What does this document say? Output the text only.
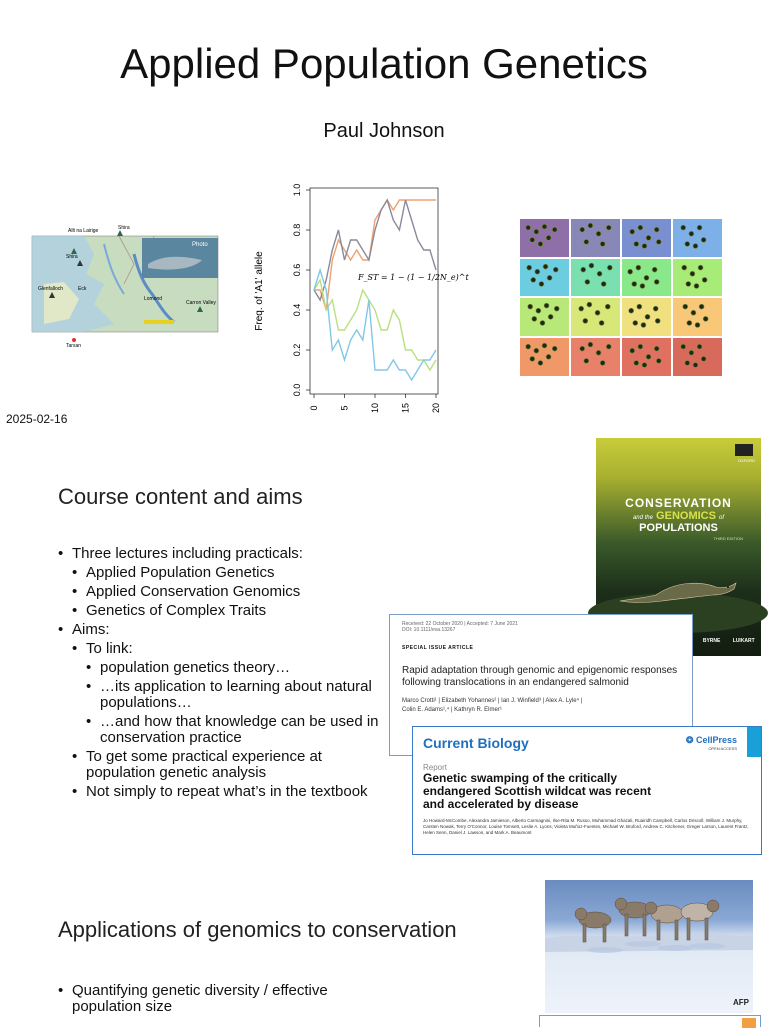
Applied Population Genetics
Paul Johnson
Photo
Allt na Lairige	Shira
Shira
Glenfalloch	Eck
Lomond
Carron Valley
Tarsan
0.0
0.2
0.4
0.6
0.8
1.0
0 5 10 15 20
F_ST = 1 − (1 − 1/2N_e)^t
Freq. of 'A1' allele
2025-02-16
Course content and aims
• Three lectures including practicals:
• Applied Population Genetics
• Applied Conservation Genomics
• Genetics of Complex Traits
• Aims:
• To link:
• population genetics theory…
• …its application to learning about natural populations…
• …and how that knowledge can be used in conservation practice
• To get some practical experience at population genetic analysis
• Not simply to repeat what’s in the textbook
OXFORD
CONSERVATION
and the GENOMICS of
POPULATIONS
THIRD EDITION
BYRNE LUIKART
Received: 22 October 2020 | Accepted: 7 June 2021
DOI: 10.1111/eva.13267
SPECIAL ISSUE ARTICLE
Rapid adaptation through genomic and epigenomic responses following translocations in an endangered salmonid
Marco Crotti¹ | Elizabeth Yohannes² | Ian J. Winfield³ | Alex A. Lyle⁴ |
Colin E. Adams¹,⁴ | Kathryn R. Elmer¹
Current Biology	❂ CellPress
OPEN ACCESS
Report
Genetic swamping of the critically endangered Scottish wildcat was recent and accelerated by disease
Jo Howard-McCombe, Alexandra Jamieson, Alberto Carmagnini, Ilse-Rita M. Russo, Muhammad Ghazali, Ruairidh Campbell, Carlos Driscoll, William J. Murphy, Carsten Nowak, Terry O'Connor, Louise Tomsett, Leslie A. Lyons, Violeta Muñoz-Fuentes, Michael W. Bruford, Andrew C. Kitchener, Greger Larson, Laurent Frantz, Helen Senn, Daniel J. Lawson, and Mark A. Beaumont
Applications of genomics to conservation
• Quantifying genetic diversity / effective population size	AFP
